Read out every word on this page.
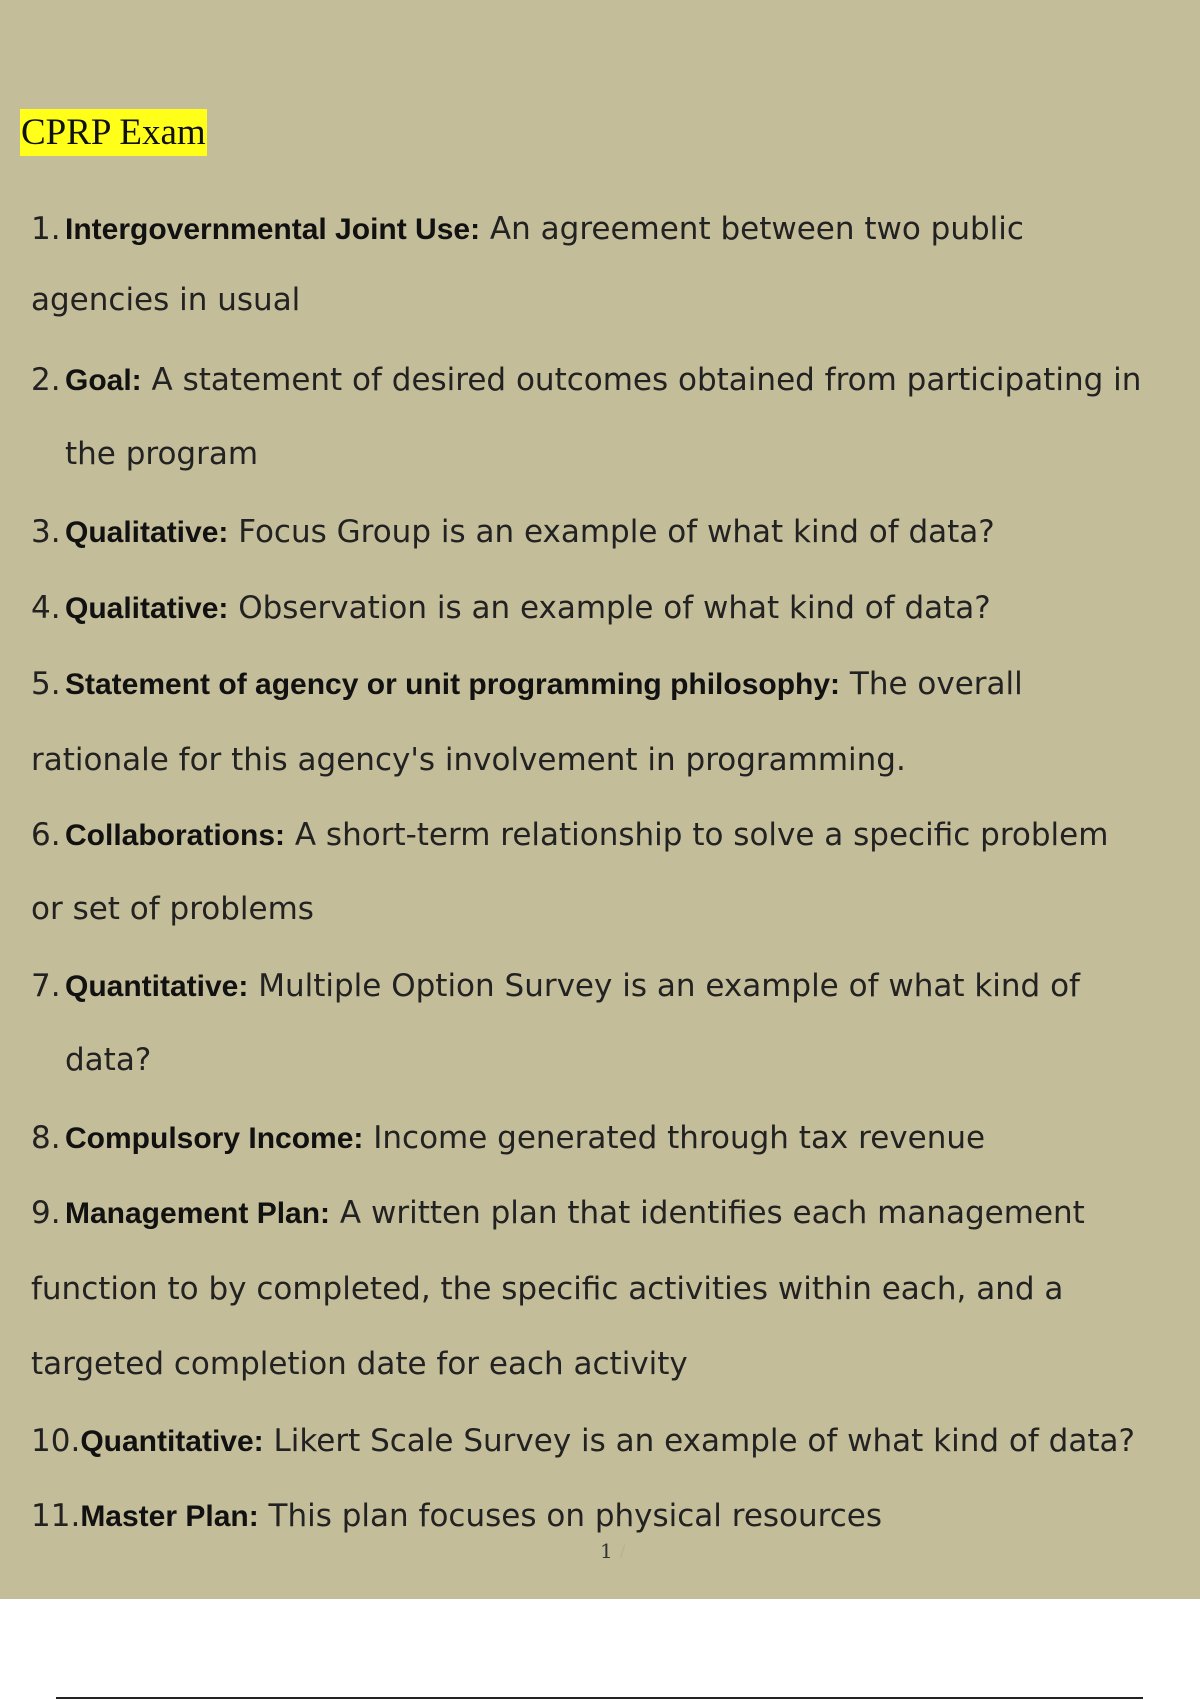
CPRP Exam
1. Intergovernmental Joint Use: An agreement between two public
agencies in usual
2. Goal: A statement of desired outcomes obtained from participating in
the program
3. Qualitative: Focus Group is an example of what kind of data?
4. Qualitative: Observation is an example of what kind of data?
5. Statement of agency or unit programming philosophy: The overall
rationale for this agency's involvement in programming.
6. Collaborations: A short-term relationship to solve a specific problem
or set of problems
7. Quantitative: Multiple Option Survey is an example of what kind of
data?
8. Compulsory Income: Income generated through tax revenue
9. Management Plan: A written plan that identifies each management
function to by completed, the specific activities within each, and a
targeted completion date for each activity
10.Quantitative: Likert Scale Survey is an example of what kind of data?
11.Master Plan: This plan focuses on physical resources
1 /
